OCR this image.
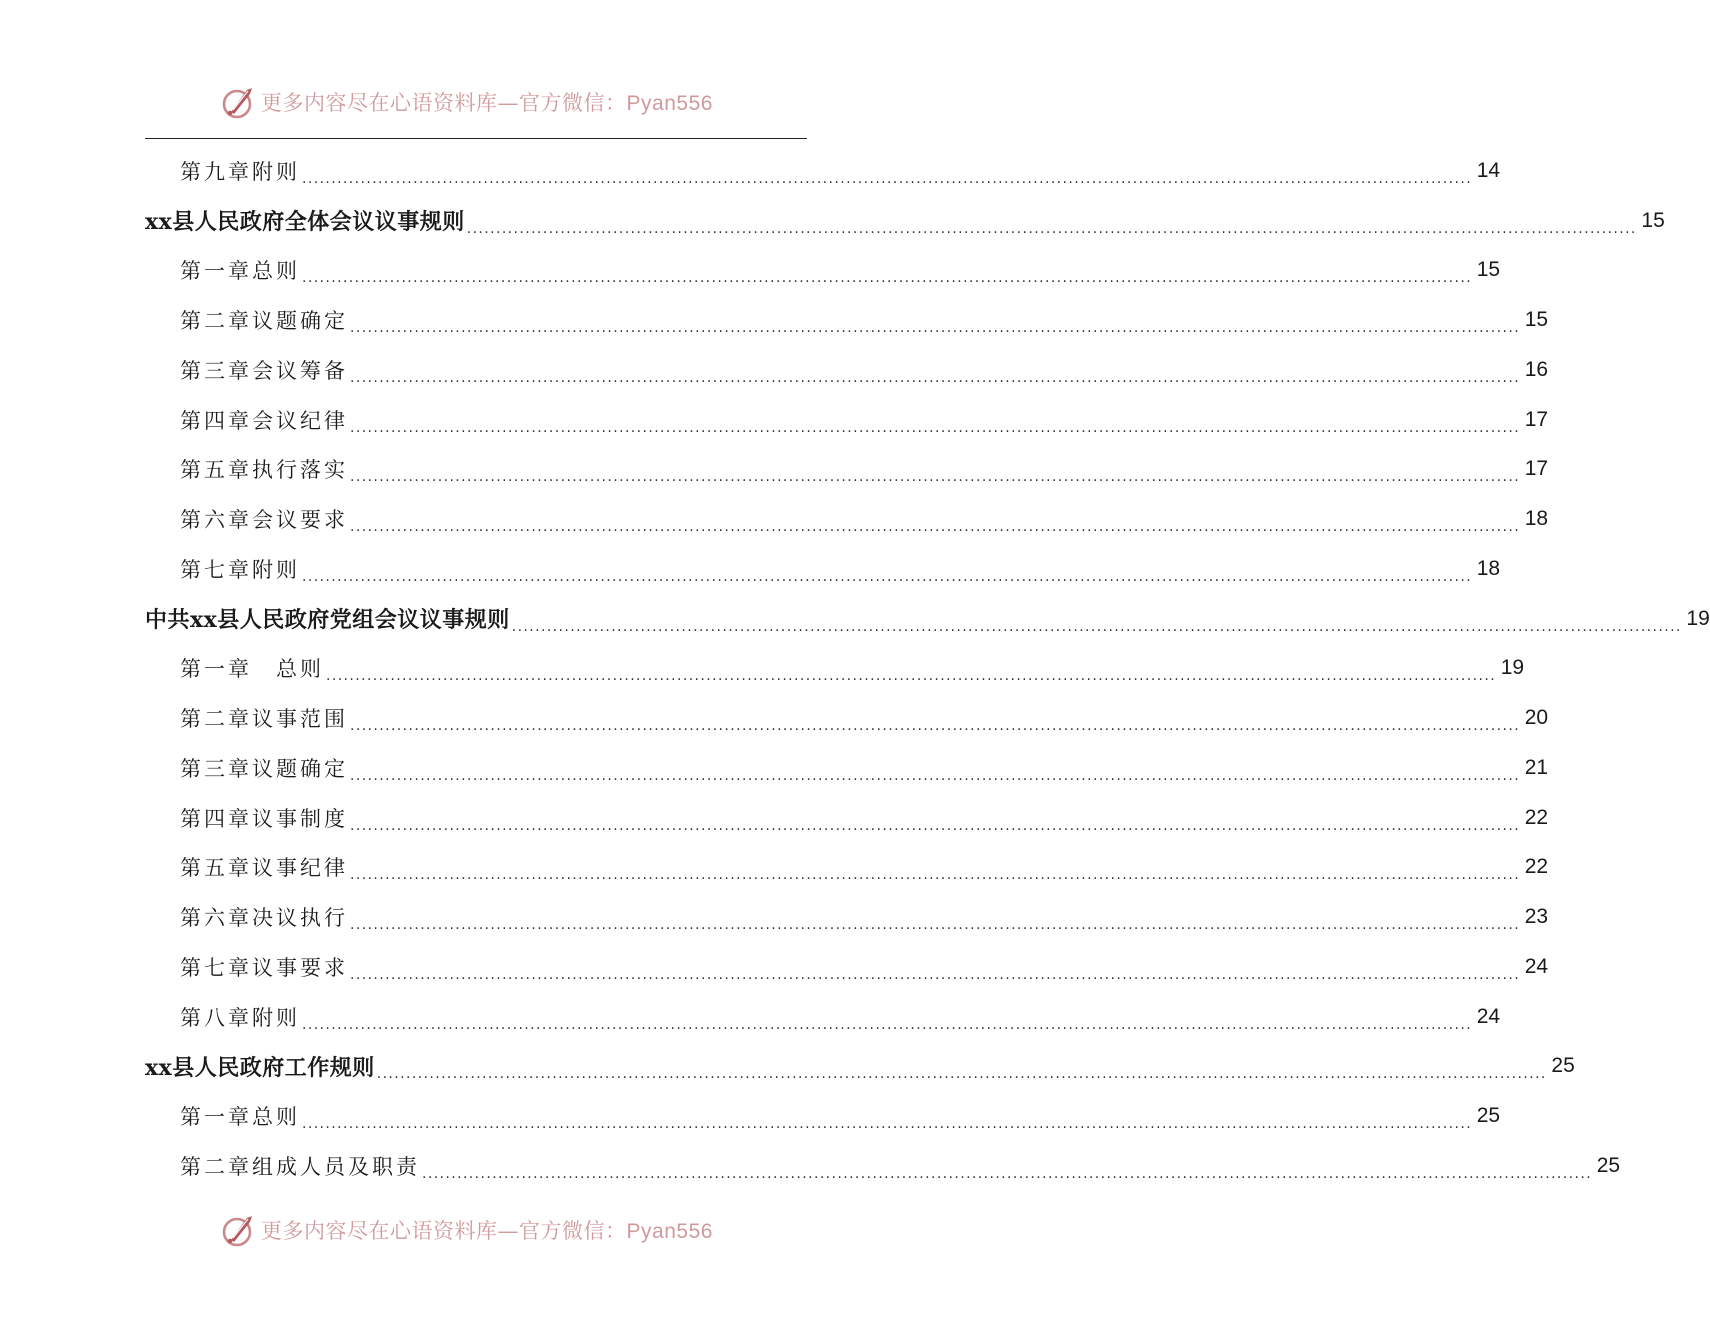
更多内容尽在心语资料库—官方微信：Pyan556
第九章附则 ........................................................................................................................................................................................................ 14
xx县人民政府全体会议议事规则 ........................................................................................................................................................................................................ 15
第一章总则 ........................................................................................................................................................................................................ 15
第二章议题确定 ........................................................................................................................................................................................................ 15
第三章会议筹备 ........................................................................................................................................................................................................ 16
第四章会议纪律 ........................................................................................................................................................................................................ 17
第五章执行落实 ........................................................................................................................................................................................................ 17
第六章会议要求 ........................................................................................................................................................................................................ 18
第七章附则 ........................................................................................................................................................................................................ 18
中共xx县人民政府党组会议议事规则 ........................................................................................................................................................................................................ 19
第一章　总则 ........................................................................................................................................................................................................ 19
第二章议事范围 ........................................................................................................................................................................................................ 20
第三章议题确定 ........................................................................................................................................................................................................ 21
第四章议事制度 ........................................................................................................................................................................................................ 22
第五章议事纪律 ........................................................................................................................................................................................................ 22
第六章决议执行 ........................................................................................................................................................................................................ 23
第七章议事要求 ........................................................................................................................................................................................................ 24
第八章附则 ........................................................................................................................................................................................................ 24
xx县人民政府工作规则 ........................................................................................................................................................................................................ 25
第一章总则 ........................................................................................................................................................................................................ 25
第二章组成人员及职责 ........................................................................................................................................................................................................ 25
更多内容尽在心语资料库—官方微信：Pyan556
